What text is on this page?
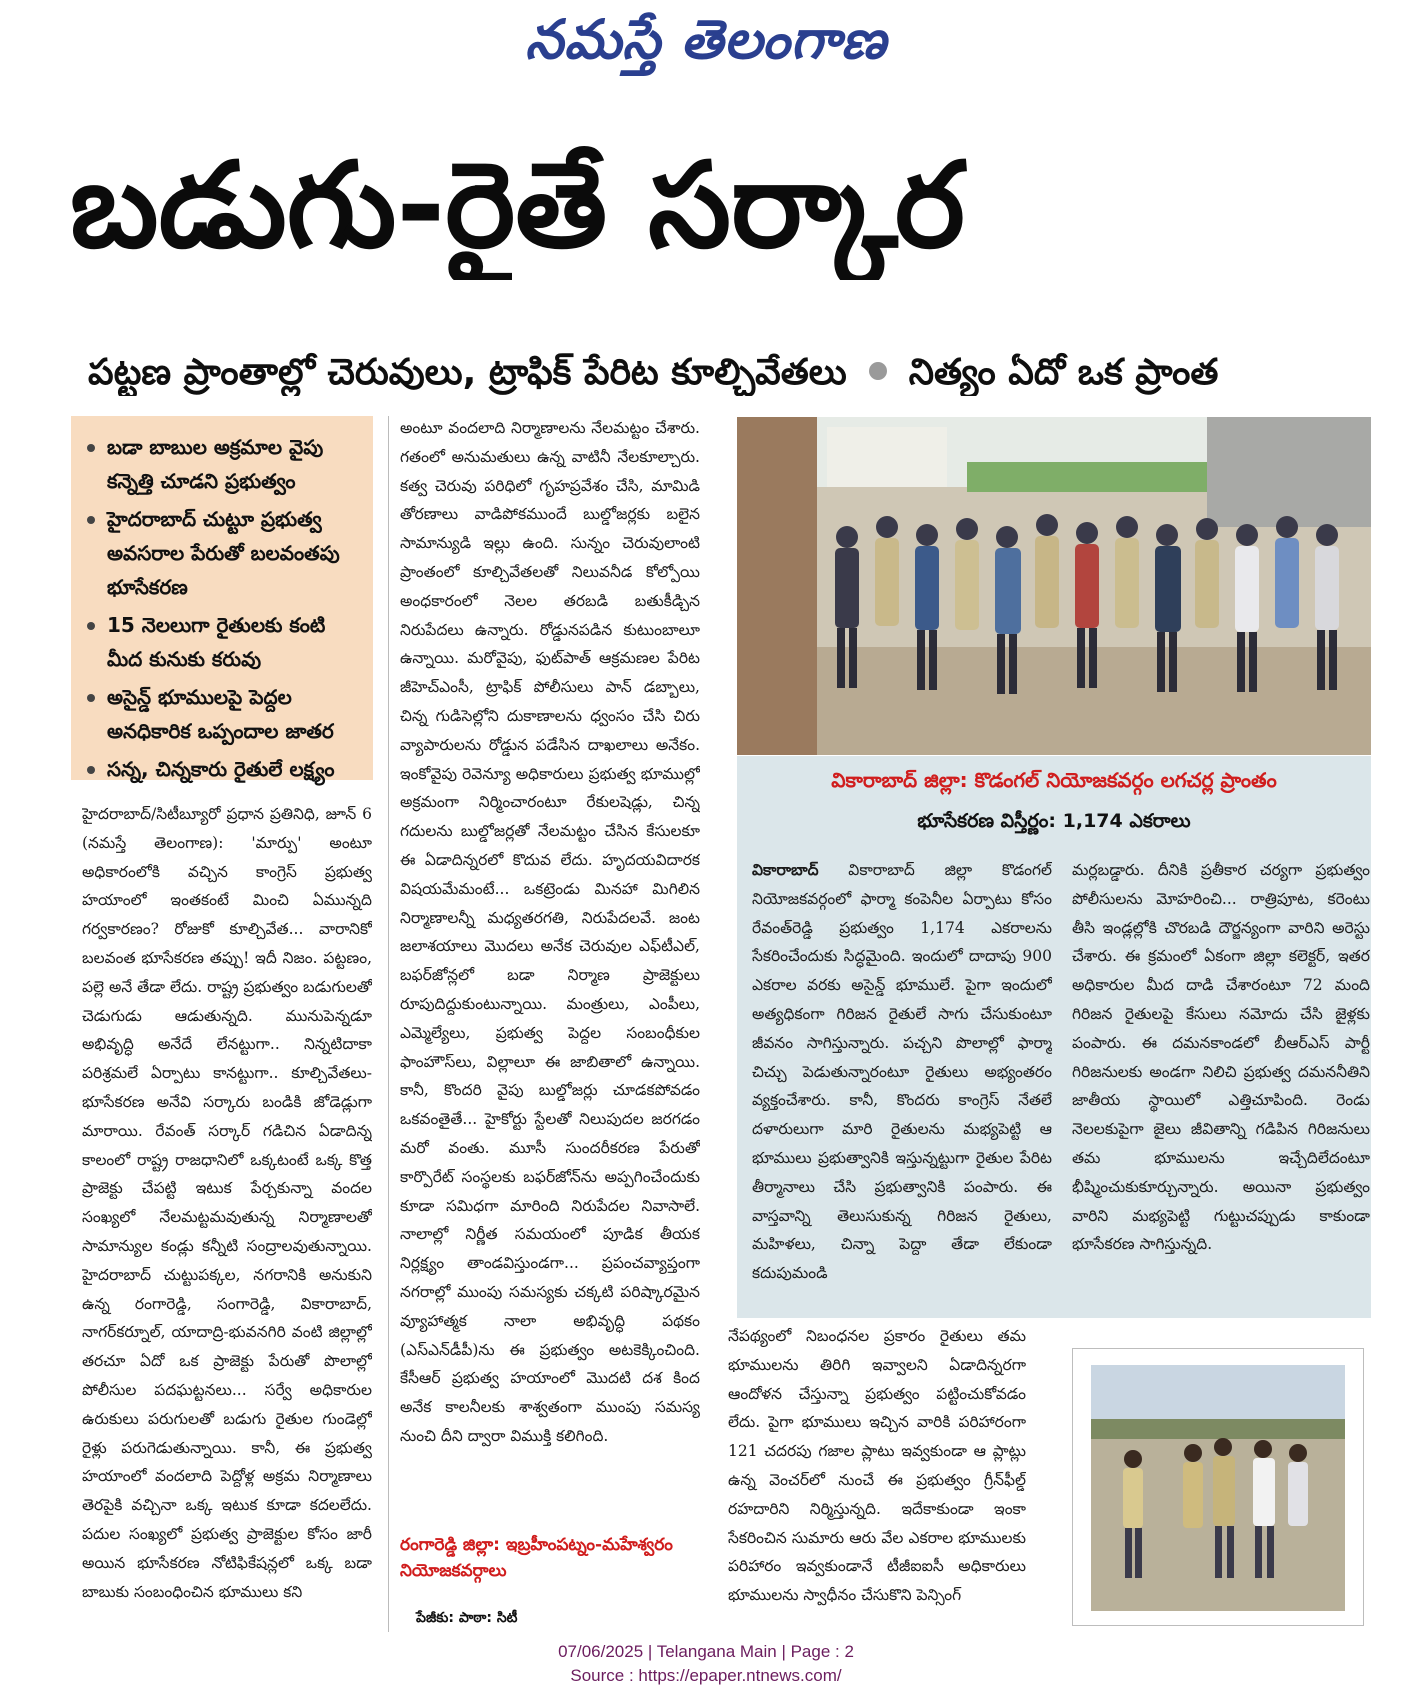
నమస్తే తెలంగాణ
బడుగు-రైతే సర్కార
పట్టణ ప్రాంతాల్లో చెరువులు, ట్రాఫిక్ పేరిట కూల్చివేతలు నిత్యం ఏదో ఒక ప్రాంత
బడా బాబుల అక్రమాల వైపు కన్నెత్తి చూడని ప్రభుత్వం
హైదరాబాద్ చుట్టూ ప్రభుత్వ అవసరాల పేరుతో బలవంతపు భూసేకరణ
15 నెలలుగా రైతులకు కంటి మీద కునుకు కరువు
అసైన్డ్ భూములపై పెద్దల అనధికారిక ఒప్పందాల జాతర
సన్న, చిన్నకారు రైతులే లక్ష్యం
హైదరాబాద్/సిటీబ్యూరో ప్రధాన ప్రతినిధి, జూన్ 6 (నమస్తే తెలంగాణ): 'మార్పు' అంటూ అధికారంలోకి వచ్చిన కాంగ్రెస్ ప్రభుత్వ హయాంలో ఇంతకంటే మించి ఏమున్నది గర్వకారణం? రోజుకో కూల్చివేత... వారానికో బలవంత భూసేకరణ తప్పు! ఇదీ నిజం. పట్టణం, పల్లె అనే తేడా లేదు. రాష్ట్ర ప్రభుత్వం బడుగులతో చెడుగుడు ఆడుతున్నది. మునుపెన్నడూ అభివృద్ధి అనేదే లేనట్టుగా.. నిన్నటిదాకా పరిశ్రమలే ఏర్పాటు కానట్టుగా.. కూల్చివేతలు-భూసేకరణ అనేవి సర్కారు బండికి జోడెడ్లుగా మారాయి. రేవంత్ సర్కార్ గడిచిన ఏడాదిన్న కాలంలో రాష్ట్ర రాజధానిలో ఒక్కటంటే ఒక్క కొత్త ప్రాజెక్టు చేపట్టి ఇటుక పేర్చకున్నా వందల సంఖ్యలో నేలమట్టమవుతున్న నిర్మాణాలతో సామాన్యుల కండ్లు కన్నీటి సంద్రాలవుతున్నాయి. హైదరాబాద్ చుట్టుపక్కల, నగరానికి అనుకుని ఉన్న రంగారెడ్డి, సంగారెడ్డి, వికారాబాద్, నాగర్‌కర్నూల్, యాదాద్రి-భువనగిరి వంటి జిల్లాల్లో తరచూ ఏదో ఒక ప్రాజెక్టు పేరుతో పొలాల్లో పోలీసుల పదఘట్టనలు... సర్వే అధికారుల ఉరుకులు పరుగులతో బడుగు రైతుల గుండెల్లో రైళ్లు పరుగెడుతున్నాయి. కానీ, ఈ ప్రభుత్వ హయాంలో వందలాది పెద్దోళ్ల అక్రమ నిర్మాణాలు తెరపైకి వచ్చినా ఒక్క ఇటుక కూడా కదలలేదు. పదుల సంఖ్యలో ప్రభుత్వ ప్రాజెక్టుల కోసం జారీ అయిన భూసేకరణ నోటిఫికేషన్లలో ఒక్క బడా బాబుకు సంబంధించిన భూములు కని
అంటూ వందలాది నిర్మాణాలను నేలమట్టం చేశారు. గతంలో అనుమతులు ఉన్న వాటినీ నేలకూల్చారు. కత్వ చెరువు పరిధిలో గృహప్రవేశం చేసి, మామిడి తోరణాలు వాడిపోకముందే బుల్డోజర్లకు బలైన సామాన్యుడి ఇల్లు ఉంది. సున్నం చెరువులాంటి ప్రాంతంలో కూల్చివేతలతో నిలువనీడ కోల్పోయి అంధకారంలో నెలల తరబడి బతుకీడ్చిన నిరుపేదలు ఉన్నారు. రోడ్డునపడిన కుటుంబాలూ ఉన్నాయి. మరోవైపు, ఫుట్‌పాత్ ఆక్రమణల పేరిట జీహెచ్‌ఎంసీ, ట్రాఫిక్ పోలీసులు పాన్ డబ్బాలు, చిన్న గుడిసెల్లోని దుకాణాలను ధ్వంసం చేసి చిరు వ్యాపారులను రోడ్డున పడేసిన దాఖలాలు అనేకం. ఇంకోవైపు రెవెన్యూ అధికారులు ప్రభుత్వ భూముల్లో అక్రమంగా నిర్మించారంటూ రేకులషెడ్లు, చిన్న గదులను బుల్డోజర్లతో నేలమట్టం చేసిన కేసులకూ ఈ ఏడాదిన్నరలో కొదువ లేదు. హృదయవిదారక విషయమేమంటే... ఒకట్రెండు మినహా మిగిలిన నిర్మాణాలన్నీ మధ్యతరగతి, నిరుపేదలవే. జంట జలాశయాలు మొదలు అనేక చెరువుల ఎఫ్‌టీఎల్, బఫర్‌జోన్లలో బడా నిర్మాణ ప్రాజెక్టులు రూపుదిద్దుకుంటున్నాయి. మంత్రులు, ఎంపీలు, ఎమ్మెల్యేలు, ప్రభుత్వ పెద్దల సంబంధీకుల ఫాంహౌస్‌లు, విల్లాలూ ఈ జాబితాలో ఉన్నాయి. కానీ, కొందరి వైపు బుల్డోజర్లు చూడకపోవడం ఒకవంతైతే... హైకోర్టు స్టేలతో నిలుపుదల జరగడం మరో వంతు. మూసీ సుందరీకరణ పేరుతో కార్పొరేట్ సంస్థలకు బఫర్‌జోన్‌ను అప్పగించేందుకు కూడా సమిధగా మారింది నిరుపేదల నివాసాలే. నాలాల్లో నిర్ణీత సమయంలో పూడిక తీయక నిర్లక్ష్యం తాండవిస్తుండగా... ప్రపంచవ్యాప్తంగా నగరాల్లో ముంపు సమస్యకు చక్కటి పరిష్కారమైన వ్యూహాత్మక నాలా అభివృద్ధి పథకం (ఎస్‌ఎన్‌డీపీ)ను ఈ ప్రభుత్వం అటకెక్కించింది. కేసీఆర్ ప్రభుత్వ హయాంలో మొదటి దశ కింద అనేక కాలనీలకు శాశ్వతంగా ముంపు సమస్య నుంచి దీని ద్వారా విముక్తి కలిగింది.
వికారాబాద్ జిల్లా: కొడంగల్ నియోజకవర్గం లగచర్ల ప్రాంతం
భూసేకరణ విస్తీర్ణం: 1,174 ఎకరాలు
వికారాబాద్ వికారాబాద్ జిల్లా కొడంగల్ నియోజకవర్గంలో ఫార్మా కంపెనీల ఏర్పాటు కోసం రేవంత్‌రెడ్డి ప్రభుత్వం 1,174 ఎకరాలను సేకరించేందుకు సిద్ధమైంది. ఇందులో దాదాపు 900 ఎకరాల వరకు అసైన్డ్ భూములే. పైగా ఇందులో అత్యధికంగా గిరిజన రైతులే సాగు చేసుకుంటూ జీవనం సాగిస్తున్నారు. పచ్చని పొలాల్లో ఫార్మా చిచ్చు పెడుతున్నారంటూ రైతులు అభ్యంతరం వ్యక్తంచేశారు. కానీ, కొందరు కాంగ్రెస్ నేతలే దళారులుగా మారి రైతులను మభ్యపెట్టి ఆ భూములు ప్రభుత్వానికి ఇస్తున్నట్టుగా రైతుల పేరిట తీర్మానాలు చేసి ప్రభుత్వానికి పంపారు. ఈ వాస్తవాన్ని తెలుసుకున్న గిరిజన రైతులు, మహిళలు, చిన్నా పెద్దా తేడా లేకుండా కదుపుమండి
మర్లబడ్డారు. దీనికి ప్రతీకార చర్యగా ప్రభుత్వం పోలీసులను మోహరించి... రాత్రిపూట, కరెంటు తీసి ఇండ్లల్లోకి చొరబడి దౌర్జన్యంగా వారిని అరెస్టు చేశారు. ఈ క్రమంలో ఏకంగా జిల్లా కలెక్టర్, ఇతర అధికారుల మీద దాడి చేశారంటూ 72 మంది గిరిజన రైతులపై కేసులు నమోదు చేసి జైళ్లకు పంపారు. ఈ దమనకాండలో బీఆర్‌ఎస్ పార్టీ గిరిజనులకు అండగా నిలిచి ప్రభుత్వ దమననీతిని జాతీయ స్థాయిలో ఎత్తిచూపింది. రెండు నెలలకుపైగా జైలు జీవితాన్ని గడిపిన గిరిజనులు తమ భూములను ఇచ్చేదిలేదంటూ భీష్మించుకుకూర్చున్నారు. అయినా ప్రభుత్వం వారిని మభ్యపెట్టి గుట్టుచప్పుడు కాకుండా భూసేకరణ సాగిస్తున్నది.
నేపథ్యంలో నిబంధనల ప్రకారం రైతులు తమ భూములను తిరిగి ఇవ్వాలని ఏడాదిన్నరగా ఆందోళన చేస్తున్నా ప్రభుత్వం పట్టించుకోవడం లేదు. పైగా భూములు ఇచ్చిన వారికి పరిహారంగా 121 చదరపు గజాల ప్లాటు ఇవ్వకుండా ఆ ప్లాట్లు ఉన్న వెంచర్‌లో నుంచే ఈ ప్రభుత్వం గ్రీన్‌ఫీల్డ్ రహదారిని నిర్మిస్తున్నది. ఇదేకాకుండా ఇంకా సేకరించిన సుమారు ఆరు వేల ఎకరాల భూములకు పరిహారం ఇవ్వకుండానే టీజీఐఐసీ అధికారులు భూములను స్వాధీనం చేసుకొని పెన్సింగ్
రంగారెడ్డి జిల్లా: ఇబ్రహీంపట్నం-మహేశ్వరం నియోజకవర్గాలు
పేజీకు: పాఠా: సిటీ
07/06/2025 | Telangana Main | Page : 2
Source : https://epaper.ntnews.com/
